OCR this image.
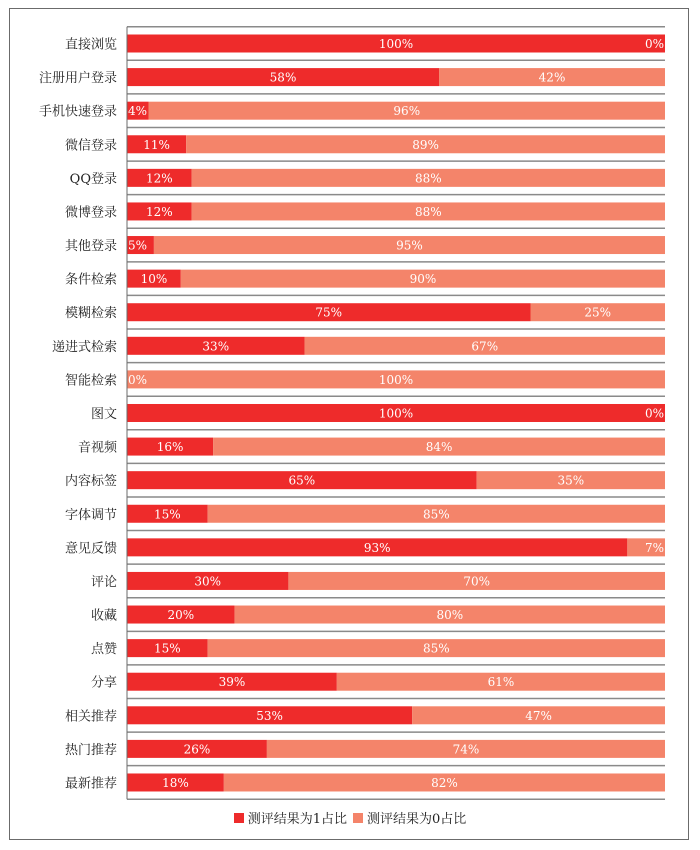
直接浏览	100%	0%
注册用户登录	58%	42%
手机快速登录 4%	96%
微信登录 11%	89%
QQ登录 12%	88%
微博登录 12%	88%
其他登录 5%	95%
条件检索 10%	90%
模糊检索	75%	25%
递进式检索	33%	67%
智能检索 0%	100%
图文	100%	0%
音视频	16%	84%
内容标签	65%	35%
字体调节	15%	85%
意见反馈	93%	7%
评论	30%	70%
收藏	20%	80%
点赞	15%	85%
分享	39%	61%
相关推荐	53%	47%
热门推荐	26%	74%
最新推荐	18%	82%
测评结果为1占比 测评结果为0占比
